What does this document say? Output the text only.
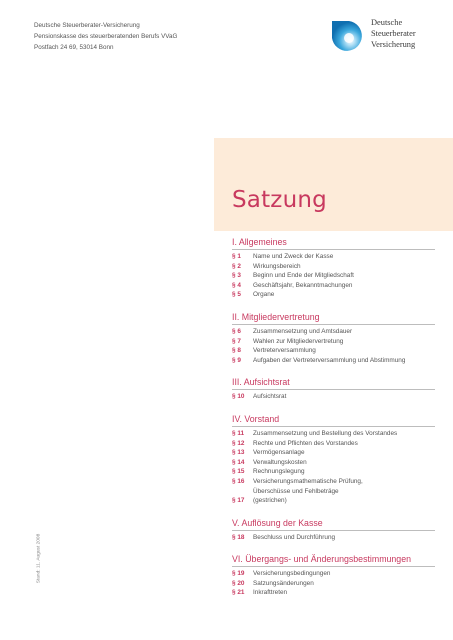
Deutsche Steuerberater-Versicherung
Pensionskasse des steuerberatenden Berufs VVaG
Postfach 24 69, 53014 Bonn
Deutsche
Steuerberater
Versicherung
Satzung
I. Allgemeines
§ 1	Name und Zweck der Kasse
§ 2	Wirkungsbereich
§ 3	Beginn und Ende der Mitgliedschaft
§ 4	Geschäftsjahr, Bekanntmachungen
§ 5	Organe
II. Mitgliedervertretung
§ 6	Zusammensetzung und Amtsdauer
§ 7	Wahlen zur Mitgliedervertretung
§ 8	Vertreterversammlung
§ 9	Aufgaben der Vertreterversammlung und Abstimmung
III. Aufsichtsrat
§ 10	Aufsichtsrat
IV. Vorstand
§ 11	Zusammensetzung und Bestellung des Vorstandes
§ 12	Rechte und Pflichten des Vorstandes
§ 13	Vermögensanlage
§ 14	Verwaltungskosten
§ 15	Rechnungslegung
§ 16	Versicherungsmathematische Prüfung,
Überschüsse und Fehlbeträge
§ 17	(gestrichen)
V. Auflösung der Kasse
§ 18	Beschluss und Durchführung
VI. Übergangs- und Änderungsbestimmungen
§ 19	Versicherungsbedingungen
§ 20	Satzungsänderungen
§ 21	Inkrafttreten
Stand: 11. August 2008
